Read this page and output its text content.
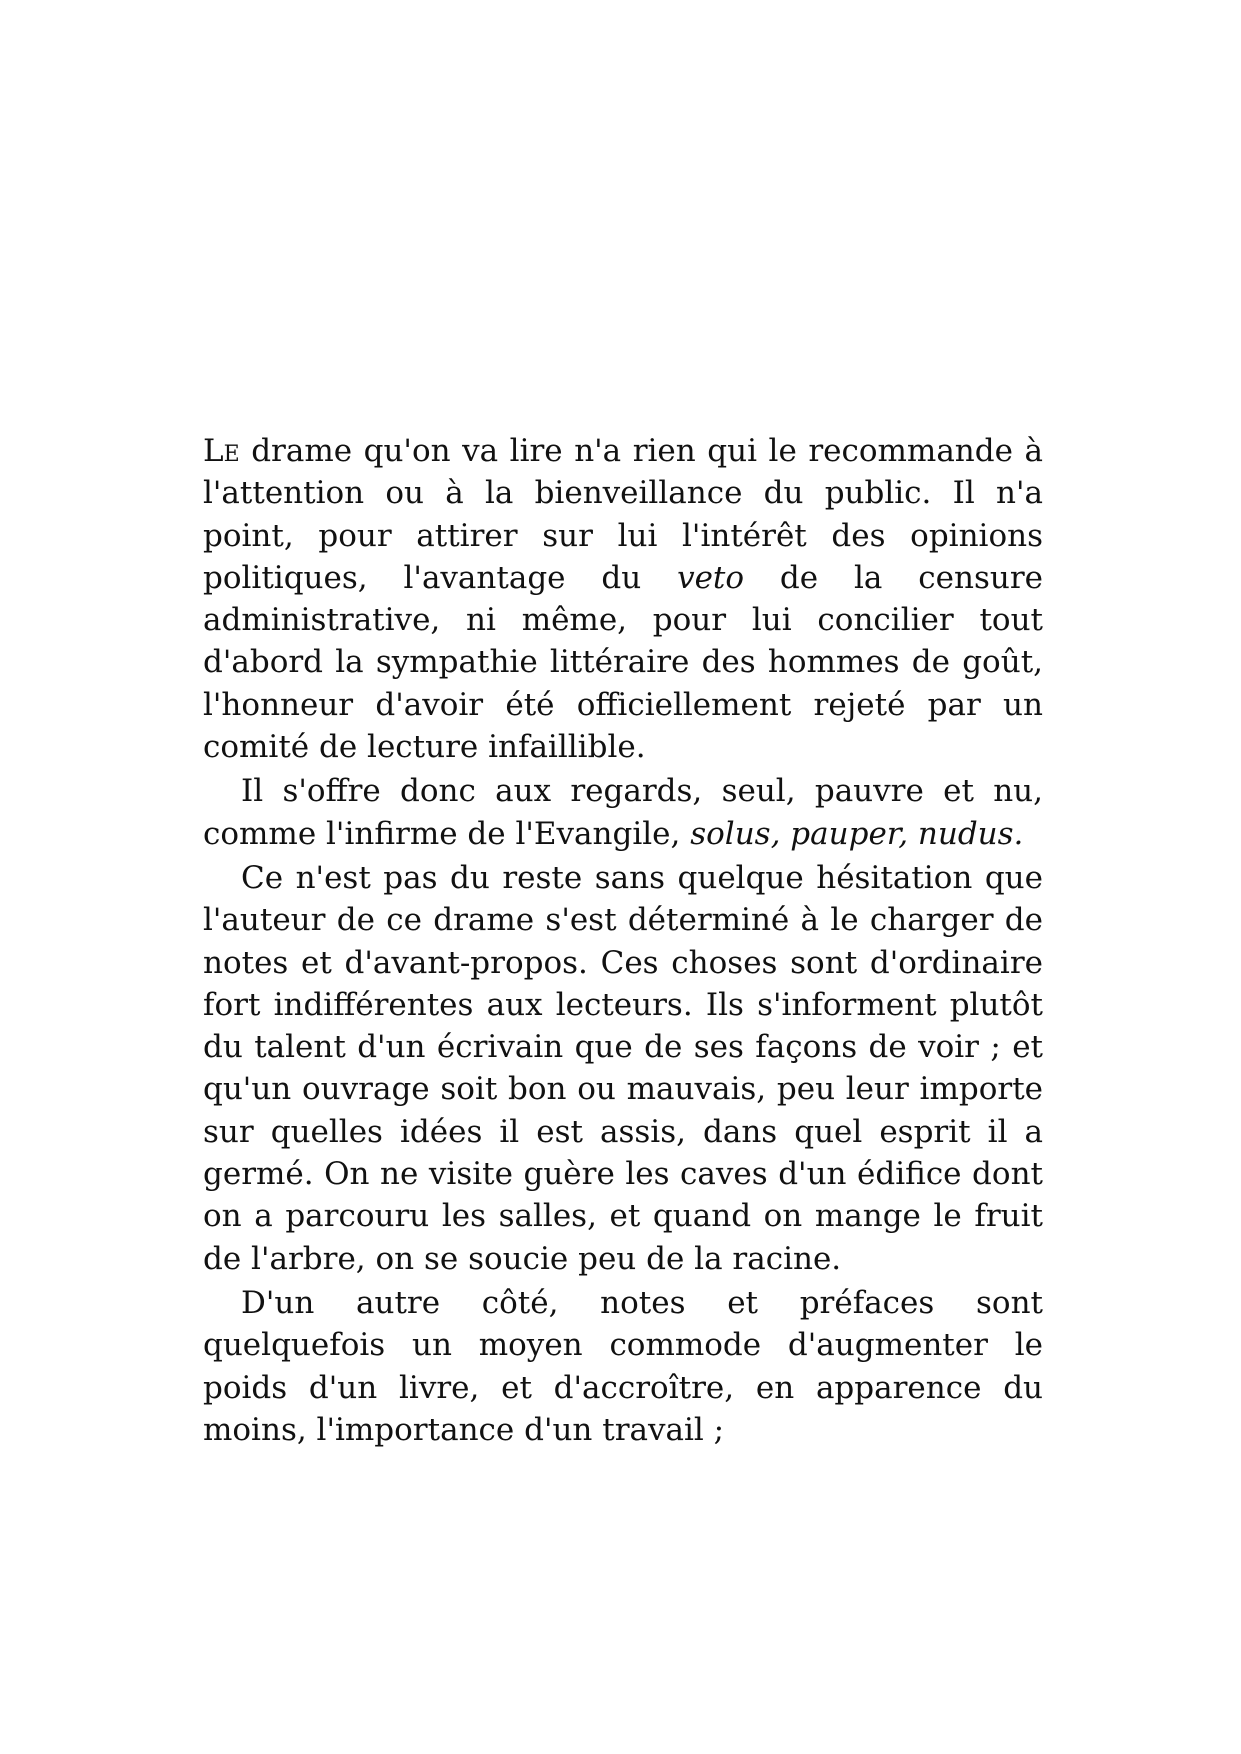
Le drame qu'on va lire n'a rien qui le recommande à l'attention ou à la bienveillance du public. Il n'a point, pour attirer sur lui l'intérêt des opinions politiques, l'avantage du veto de la censure administrative, ni même, pour lui concilier tout d'abord la sympathie littéraire des hommes de goût, l'honneur d'avoir été officiellement rejeté par un comité de lecture infaillible.

Il s'offre donc aux regards, seul, pauvre et nu, comme l'infirme de l'Evangile, solus, pauper, nudus.

Ce n'est pas du reste sans quelque hésitation que l'auteur de ce drame s'est déterminé à le charger de notes et d'avant-propos. Ces choses sont d'ordinaire fort indifférentes aux lecteurs. Ils s'informent plutôt du talent d'un écrivain que de ses façons de voir ; et qu'un ouvrage soit bon ou mauvais, peu leur importe sur quelles idées il est assis, dans quel esprit il a germé. On ne visite guère les caves d'un édifice dont on a parcouru les salles, et quand on mange le fruit de l'arbre, on se soucie peu de la racine.

D'un autre côté, notes et préfaces sont quelquefois un moyen commode d'augmenter le poids d'un livre, et d'accroître, en apparence du moins, l'importance d'un travail ;
